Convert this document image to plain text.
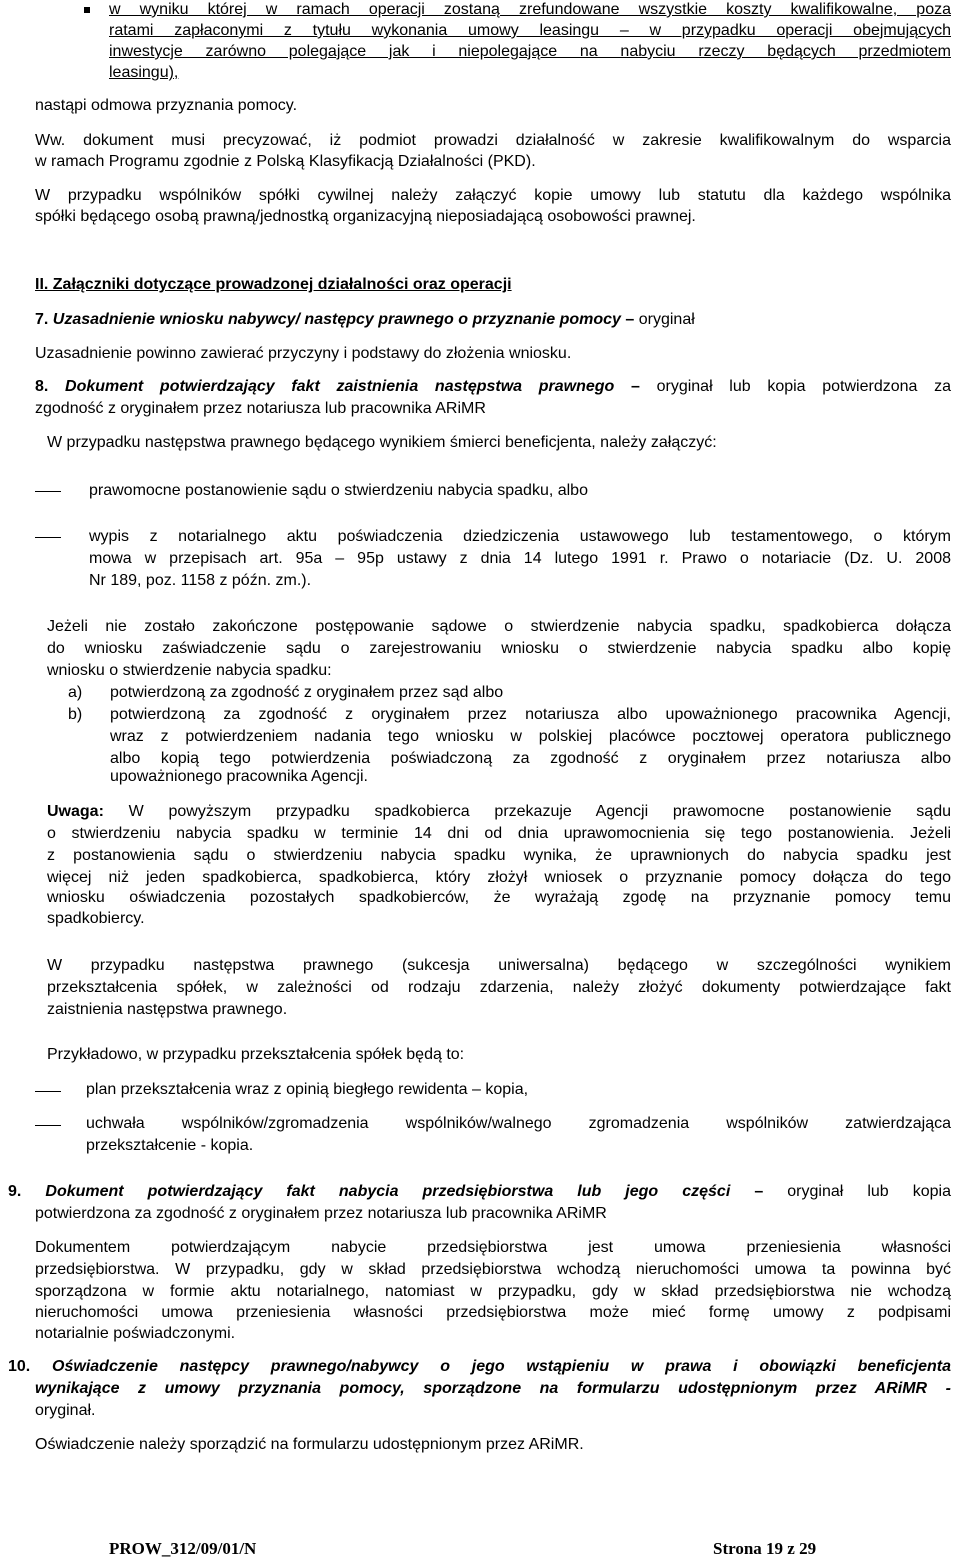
w wyniku której w ramach operacji zostaną zrefundowane wszystkie koszty kwalifikowalne, poza
ratami zapłaconymi z tytułu wykonania umowy leasingu – w przypadku operacji obejmujących
inwestycje zarówno polegające jak i niepolegające na nabyciu rzeczy będących przedmiotem
leasingu),
nastąpi odmowa przyznania pomocy.
Ww. dokument musi precyzować, iż podmiot prowadzi działalność w zakresie kwalifikowalnym do wsparcia
w ramach Programu zgodnie z Polską Klasyfikacją Działalności (PKD).
W przypadku wspólników spółki cywilnej należy załączyć kopie umowy lub statutu dla każdego wspólnika
spółki będącego osobą prawną/jednostką organizacyjną nieposiadającą osobowości prawnej.
II. Załączniki dotyczące prowadzonej działalności oraz operacji
7. Uzasadnienie wniosku nabywcy/ następcy prawnego o przyznanie pomocy – oryginał
Uzasadnienie powinno zawierać przyczyny i podstawy do złożenia wniosku.
8. Dokument potwierdzający fakt zaistnienia następstwa prawnego – oryginał lub kopia potwierdzona za
zgodność z oryginałem przez notariusza lub pracownika ARiMR
W przypadku następstwa prawnego będącego wynikiem śmierci beneficjenta, należy załączyć:
prawomocne postanowienie sądu o stwierdzeniu nabycia spadku, albo
wypis z notarialnego aktu poświadczenia dziedziczenia ustawowego lub testamentowego, o którym
mowa w przepisach art. 95a – 95p ustawy z dnia 14 lutego 1991 r. Prawo o notariacie (Dz. U. 2008
Nr 189, poz. 1158 z późn. zm.).
Jeżeli nie zostało zakończone postępowanie sądowe o stwierdzenie nabycia spadku, spadkobierca dołącza
do wniosku zaświadczenie sądu o zarejestrowaniu wniosku o stwierdzenie nabycia spadku albo kopię
wniosku o stwierdzenie nabycia spadku:
a) potwierdzoną za zgodność z oryginałem przez sąd albo
b) potwierdzoną za zgodność z oryginałem przez notariusza albo upoważnionego pracownika Agencji,
wraz z potwierdzeniem nadania tego wniosku w polskiej placówce pocztowej operatora publicznego
albo kopią tego potwierdzenia poświadczoną za zgodność z oryginałem przez notariusza albo
upoważnionego pracownika Agencji.
Uwaga: W powyższym przypadku spadkobierca przekazuje Agencji prawomocne postanowienie sądu
o stwierdzeniu nabycia spadku w terminie 14 dni od dnia uprawomocnienia się tego postanowienia. Jeżeli
z postanowienia sądu o stwierdzeniu nabycia spadku wynika, że uprawnionych do nabycia spadku jest
więcej niż jeden spadkobierca, spadkobierca, który złożył wniosek o przyznanie pomocy dołącza do tego
wniosku oświadczenia pozostałych spadkobierców, że wyrażają zgodę na przyznanie pomocy temu
spadkobiercy.
W przypadku następstwa prawnego (sukcesja uniwersalna) będącego w szczególności wynikiem
przekształcenia spółek, w zależności od rodzaju zdarzenia, należy złożyć dokumenty potwierdzające fakt
zaistnienia następstwa prawnego.
Przykładowo, w przypadku przekształcenia spółek będą to:
plan przekształcenia wraz z opinią biegłego rewidenta – kopia,
uchwała wspólników/zgromadzenia wspólników/walnego zgromadzenia wspólników zatwierdzająca
przekształcenie - kopia.
9. Dokument potwierdzający fakt nabycia przedsiębiorstwa lub jego części – oryginał lub kopia
potwierdzona za zgodność z oryginałem przez notariusza lub pracownika ARiMR
Dokumentem potwierdzającym nabycie przedsiębiorstwa jest umowa przeniesienia własności
przedsiębiorstwa. W przypadku, gdy w skład przedsiębiorstwa wchodzą nieruchomości umowa ta powinna być
sporządzona w formie aktu notarialnego, natomiast w przypadku, gdy w skład przedsiębiorstwa nie wchodzą
nieruchomości umowa przeniesienia własności przedsiębiorstwa może mieć formę umowy z podpisami
notarialnie poświadczonymi.
10. Oświadczenie następcy prawnego/nabywcy o jego wstąpieniu w prawa i obowiązki beneficjenta
wynikające z umowy przyznania pomocy, sporządzone na formularzu udostępnionym przez ARiMR -
oryginał.
Oświadczenie należy sporządzić na formularzu udostępnionym przez ARiMR.
PROW_312/09/01/N	Strona 19 z 29
